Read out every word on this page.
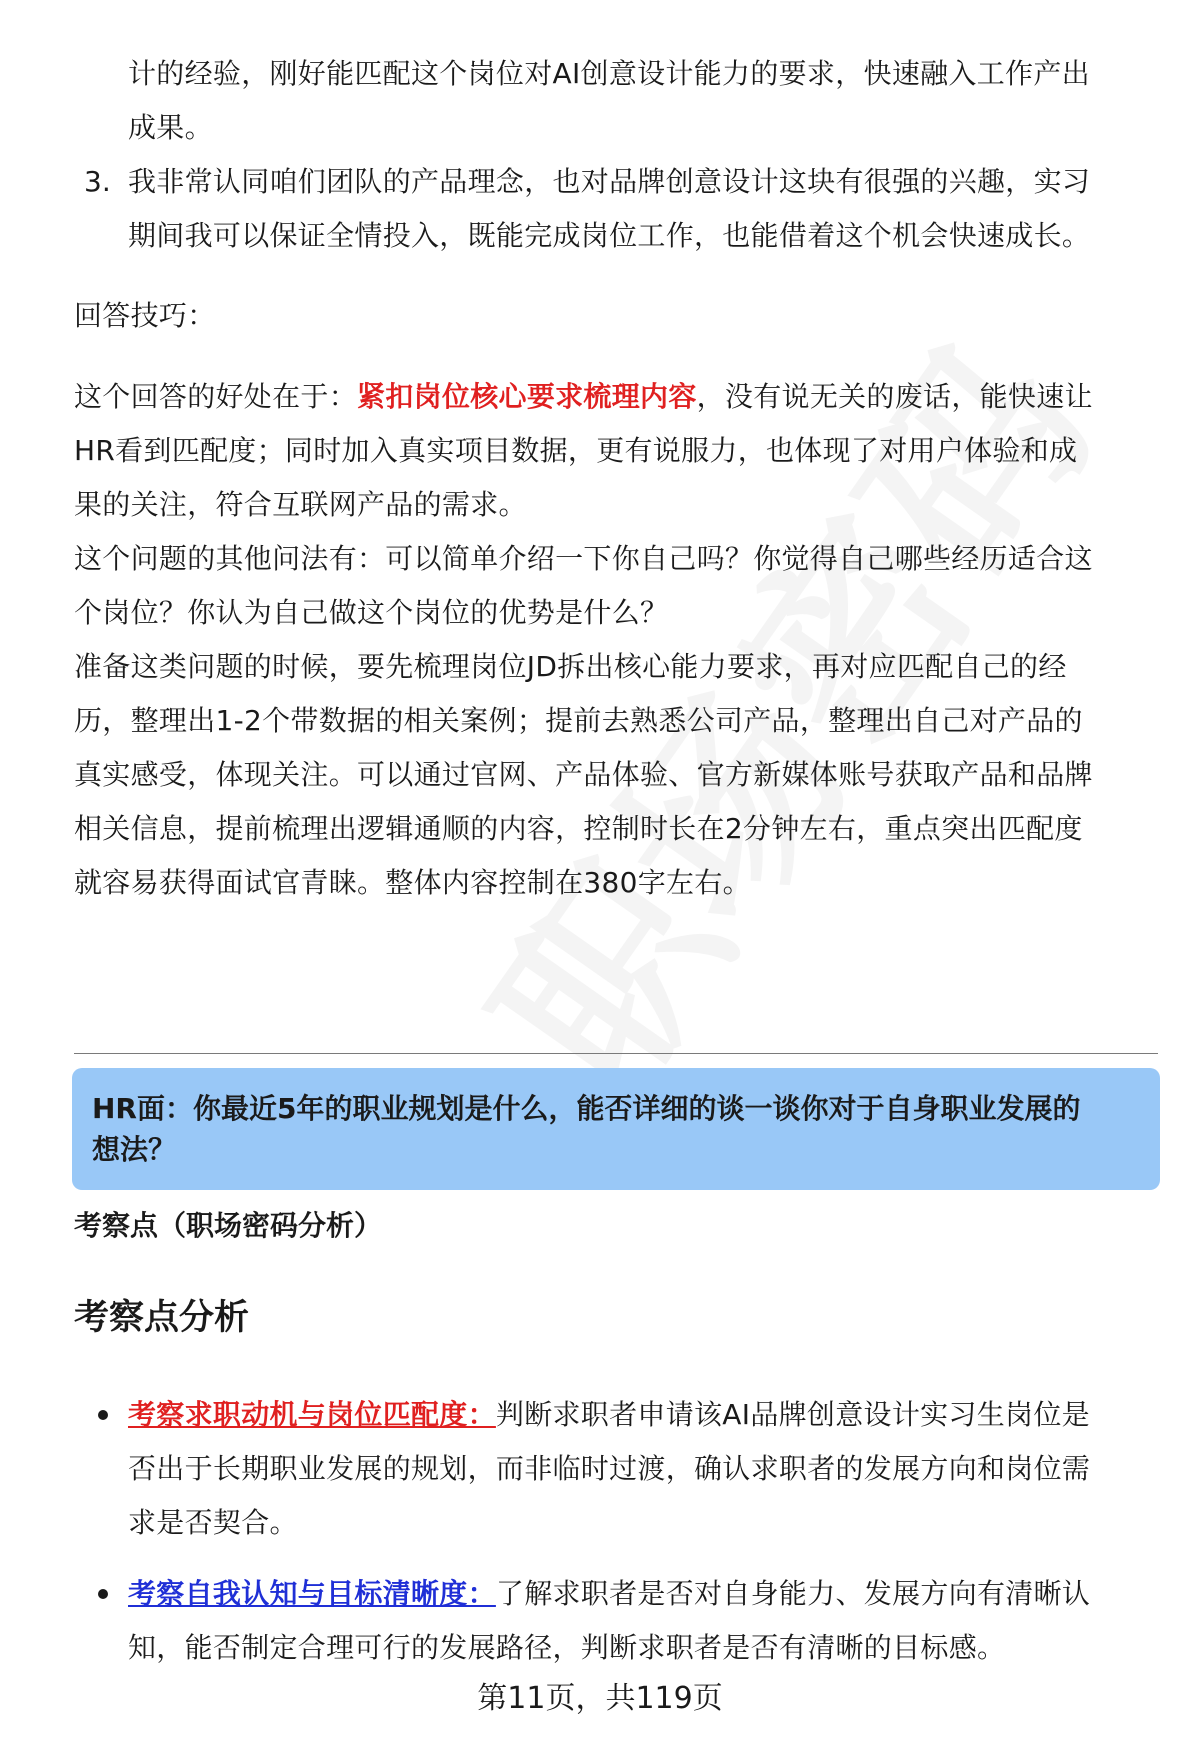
计的经验，刚好能匹配这个岗位对AI创意设计能力的要求，快速融入工作产出
成果。
3. 我非常认同咱们团队的产品理念，也对品牌创意设计这块有很强的兴趣，实习
期间我可以保证全情投入，既能完成岗位工作，也能借着这个机会快速成长。
回答技巧：
这个回答的好处在于：紧扣岗位核心要求梳理内容，没有说无关的废话，能快速让
HR看到匹配度；同时加入真实项目数据，更有说服力，也体现了对用户体验和成
果的关注，符合互联网产品的需求。
这个问题的其他问法有：可以简单介绍一下你自己吗？你觉得自己哪些经历适合这
个岗位？你认为自己做这个岗位的优势是什么？
准备这类问题的时候，要先梳理岗位JD拆出核心能力要求，再对应匹配自己的经
历，整理出1-2个带数据的相关案例；提前去熟悉公司产品，整理出自己对产品的
真实感受，体现关注。可以通过官网、产品体验、官方新媒体账号获取产品和品牌
相关信息，提前梳理出逻辑通顺的内容，控制时长在2分钟左右，重点突出匹配度
就容易获得面试官青睐。整体内容控制在380字左右。
HR面：你最近5年的职业规划是什么，能否详细的谈一谈你对于自身职业发展的
想法？
考察点（职场密码分析）
考察点分析
考察求职动机与岗位匹配度：判断求职者申请该AI品牌创意设计实习生岗位是
否出于长期职业发展的规划，而非临时过渡，确认求职者的发展方向和岗位需
求是否契合。
考察自我认知与目标清晰度：了解求职者是否对自身能力、发展方向有清晰认
知，能否制定合理可行的发展路径，判断求职者是否有清晰的目标感。
第11页，共119页
